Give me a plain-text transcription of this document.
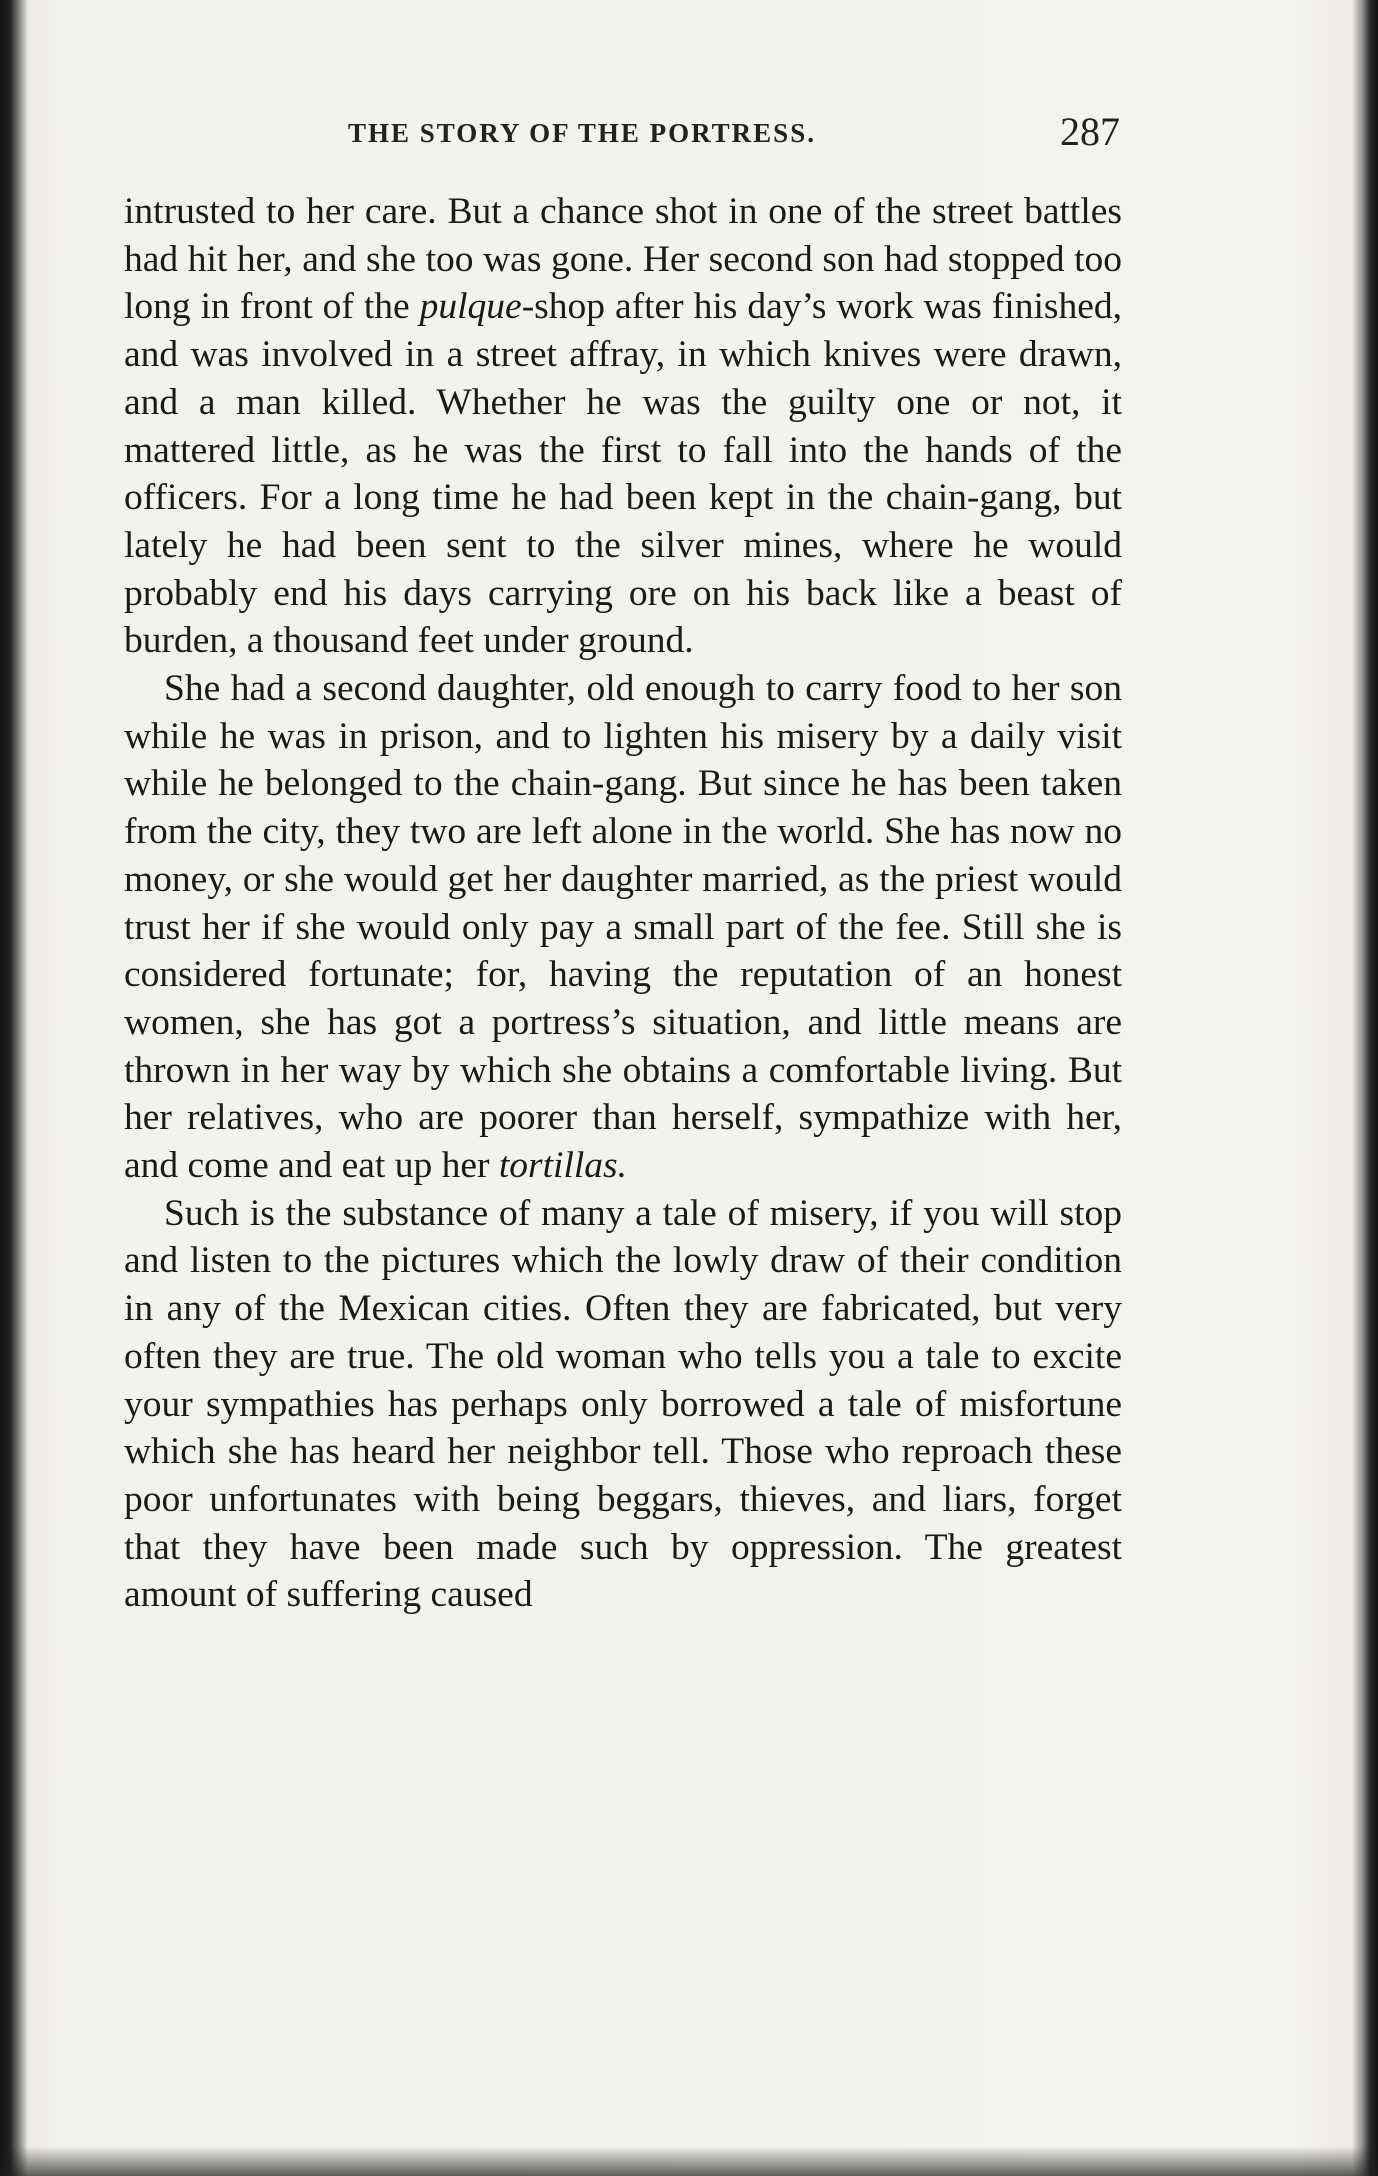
THE STORY OF THE PORTRESS.	287

intrusted to her care. But a chance shot in one of the street battles had hit her, and she too was gone. Her second son had stopped too long in front of the pulque-shop after his day’s work was finished, and was involved in a street affray, in which knives were drawn, and a man killed. Whether he was the guilty one or not, it mattered little, as he was the first to fall into the hands of the officers. For a long time he had been kept in the chain-gang, but lately he had been sent to the silver mines, where he would probably end his days carrying ore on his back like a beast of burden, a thousand feet under ground.

She had a second daughter, old enough to carry food to her son while he was in prison, and to lighten his misery by a daily visit while he belonged to the chain-gang. But since he has been taken from the city, they two are left alone in the world. She has now no money, or she would get her daughter married, as the priest would trust her if she would only pay a small part of the fee. Still she is considered fortunate; for, having the reputation of an honest women, she has got a portress’s situation, and little means are thrown in her way by which she obtains a comfortable living. But her relatives, who are poorer than herself, sympathize with her, and come and eat up her tortillas.

Such is the substance of many a tale of misery, if you will stop and listen to the pictures which the lowly draw of their condition in any of the Mexican cities. Often they are fabricated, but very often they are true. The old woman who tells you a tale to excite your sympathies has perhaps only borrowed a tale of misfortune which she has heard her neighbor tell. Those who reproach these poor unfortunates with being beggars, thieves, and liars, forget that they have been made such by oppression. The greatest amount of suffering caused
